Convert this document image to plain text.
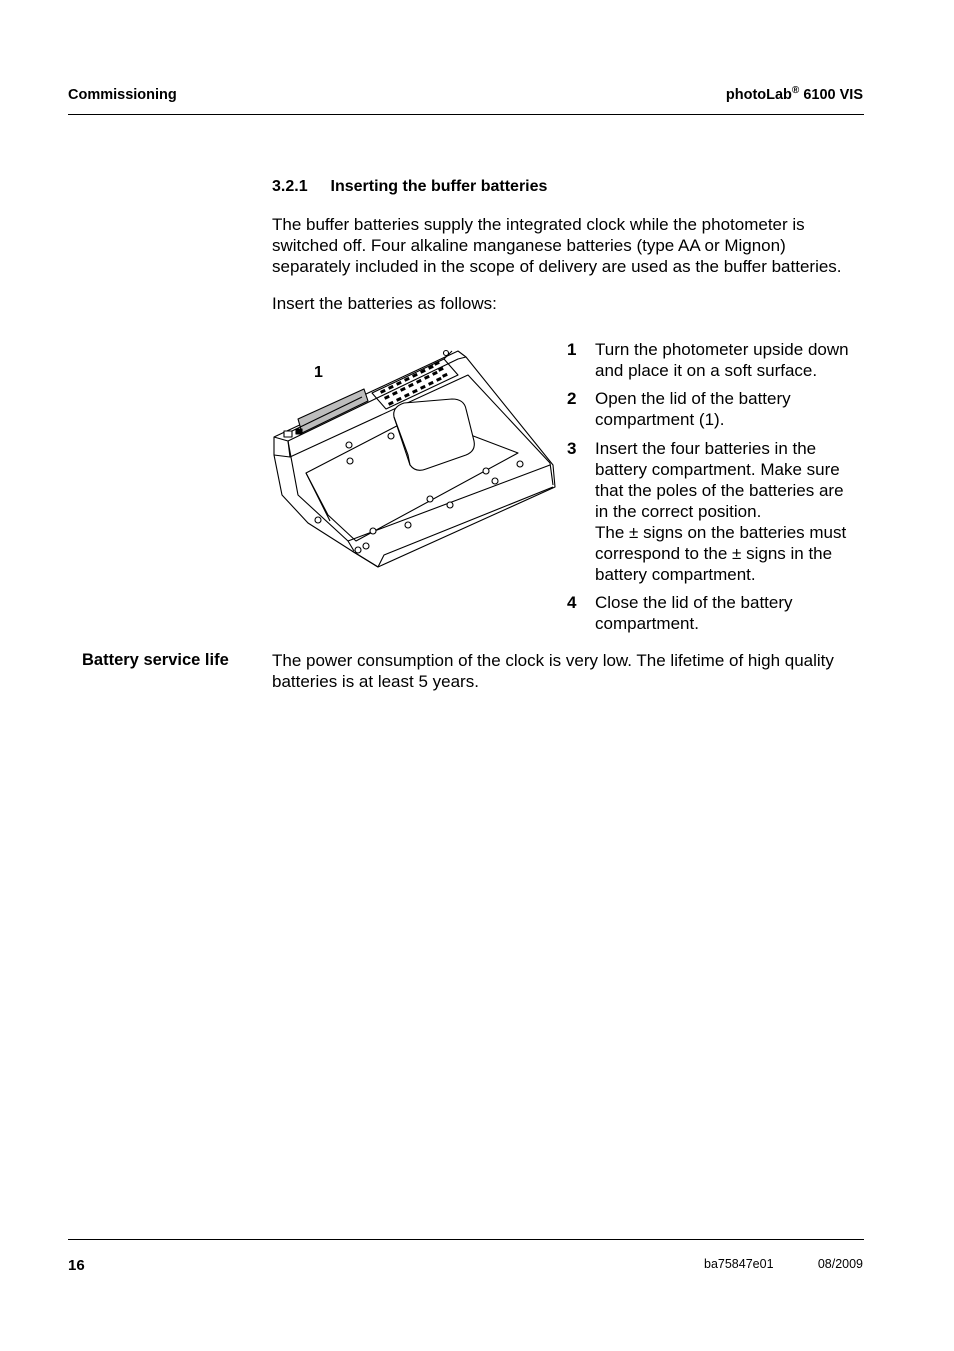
Commissioning	photoLab® 6100 VIS
3.2.1 Inserting the buffer batteries
The buffer batteries supply the integrated clock while the photometer is
switched off. Four alkaline manganese batteries (type AA or Mignon)
separately included in the scope of delivery are used as the buffer batteries.
Insert the batteries as follows:
1
1 Turn the photometer upside down
and place it on a soft surface.
2 Open the lid of the battery
compartment (1).
3 Insert the four batteries in the
battery compartment. Make sure
that the poles of the batteries are
in the correct position.
The ± signs on the batteries must
correspond to the ± signs in the
battery compartment.
4 Close the lid of the battery
compartment.
Battery service life	The power consumption of the clock is very low. The lifetime of high quality
batteries is at least 5 years.
16	ba75847e01	08/2009
